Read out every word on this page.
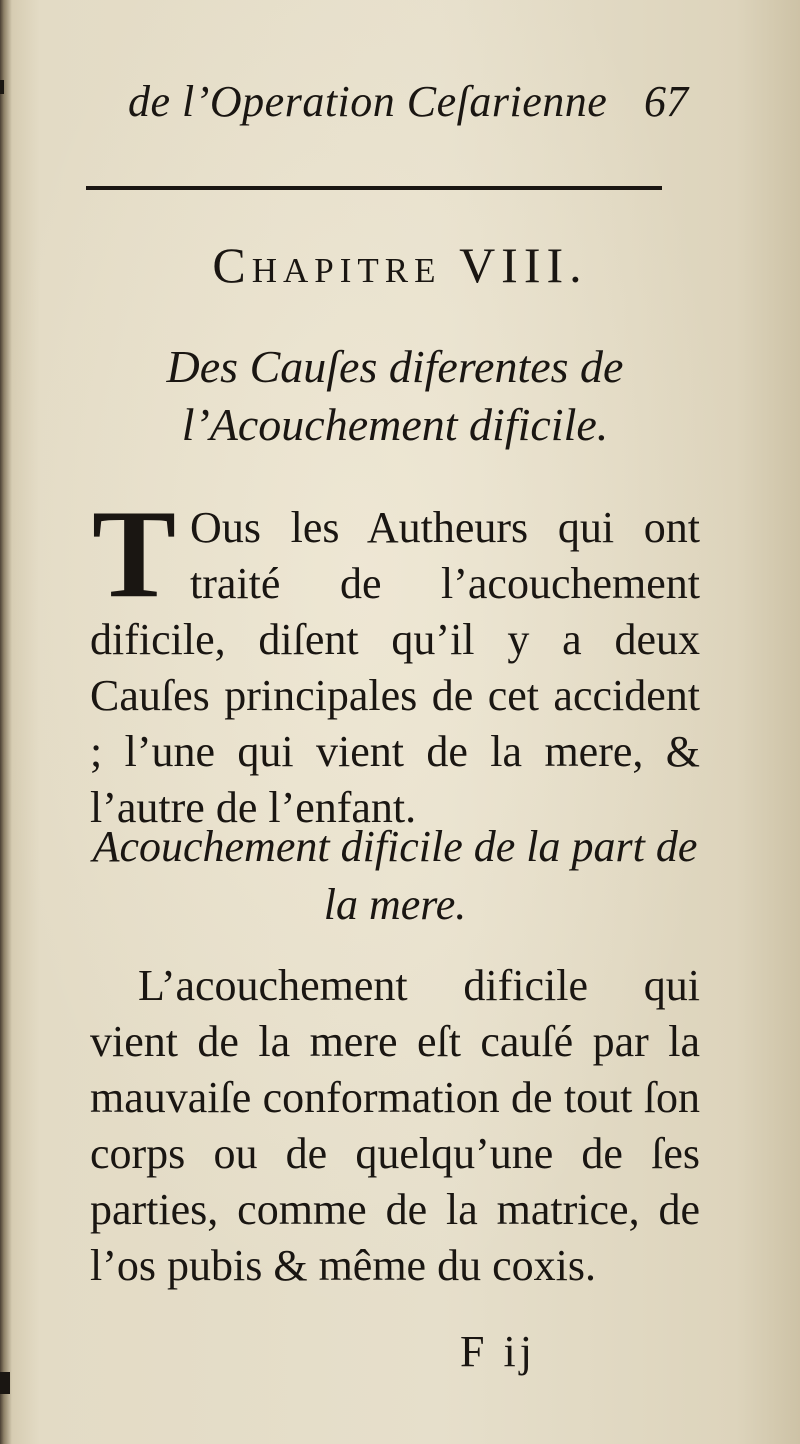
de l’Operation Ceſarienne 67
Chapitre VIII.
Des Cauſes diferentes de l’Acouchement dificile.
T Ous les Autheurs qui ont traité de l’acouchement dificile, diſent qu’il y a deux Cauſes principales de cet accident ; l’une qui vient de la mere, & l’autre de l’enfant.
Acouchement dificile de la part de la mere.
L’acouchement dificile qui vient de la mere eſt cauſé par la mauvaiſe conformation de tout ſon corps ou de quelqu’une de ſes parties, comme de la matrice, de l’os pubis & même du coxis.
F ij
